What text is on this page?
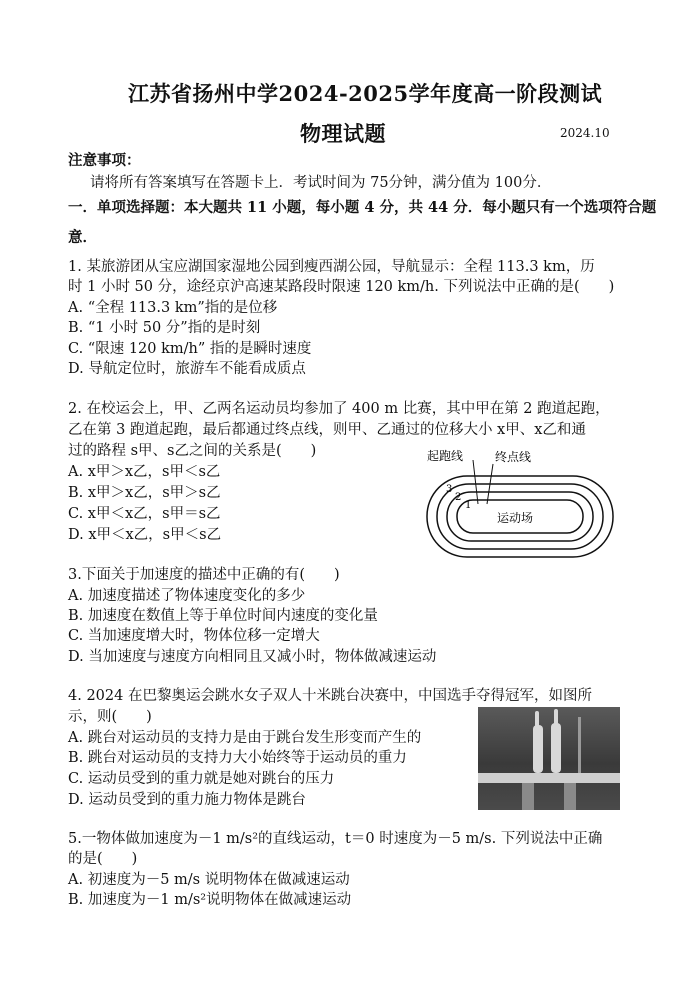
江苏省扬州中学2024-2025学年度高一阶段测试
物理试题	2024.10
注意事项：
请将所有答案填写在答题卡上．考试时间为 75分钟，满分值为 100分．
一．单项选择题：本大题共 11 小题，每小题 4 分，共 44 分．每小题只有一个选项符合题
意．
1. 某旅游团从宝应湖国家湿地公园到瘦西湖公园，导航显示：全程 113.3 km，历
时 1 小时 50 分，途经京沪高速某路段时限速 120 km/h. 下列说法中正确的是(　　)
A. “全程 113.3 km”指的是位移
B. “1 小时 50 分”指的是时刻
C. “限速 120 km/h” 指的是瞬时速度
D. 导航定位时，旅游车不能看成质点
2. 在校运会上，甲、乙两名运动员均参加了 400 m 比赛，其中甲在第 2 跑道起跑，
乙在第 3 跑道起跑，最后都通过终点线，则甲、乙通过的位移大小 x甲、x乙和通
过的路程 s甲、s乙之间的关系是(　　)
A. x甲＞x乙，s甲＜s乙
B. x甲＞x乙，s甲＞s乙
C. x甲＜x乙，s甲＝s乙
D. x甲＜x乙，s甲＜s乙
起跑线	终点线
3
2
1
运动场
3.下面关于加速度的描述中正确的有(　　)
A. 加速度描述了物体速度变化的多少
B. 加速度在数值上等于单位时间内速度的变化量
C. 当加速度增大时，物体位移一定增大
D. 当加速度与速度方向相同且又减小时，物体做减速运动
4. 2024 在巴黎奥运会跳水女子双人十米跳台决赛中，中国选手夺得冠军，如图所
示，则(　　)
A. 跳台对运动员的支持力是由于跳台发生形变而产生的
B. 跳台对运动员的支持力大小始终等于运动员的重力
C. 运动员受到的重力就是她对跳台的压力
D. 运动员受到的重力施力物体是跳台
5.一物体做加速度为－1 m/s²的直线运动，t＝0 时速度为－5 m/s. 下列说法中正确
的是(　　)
A. 初速度为－5 m/s 说明物体在做减速运动
B. 加速度为－1 m/s²说明物体在做减速运动
